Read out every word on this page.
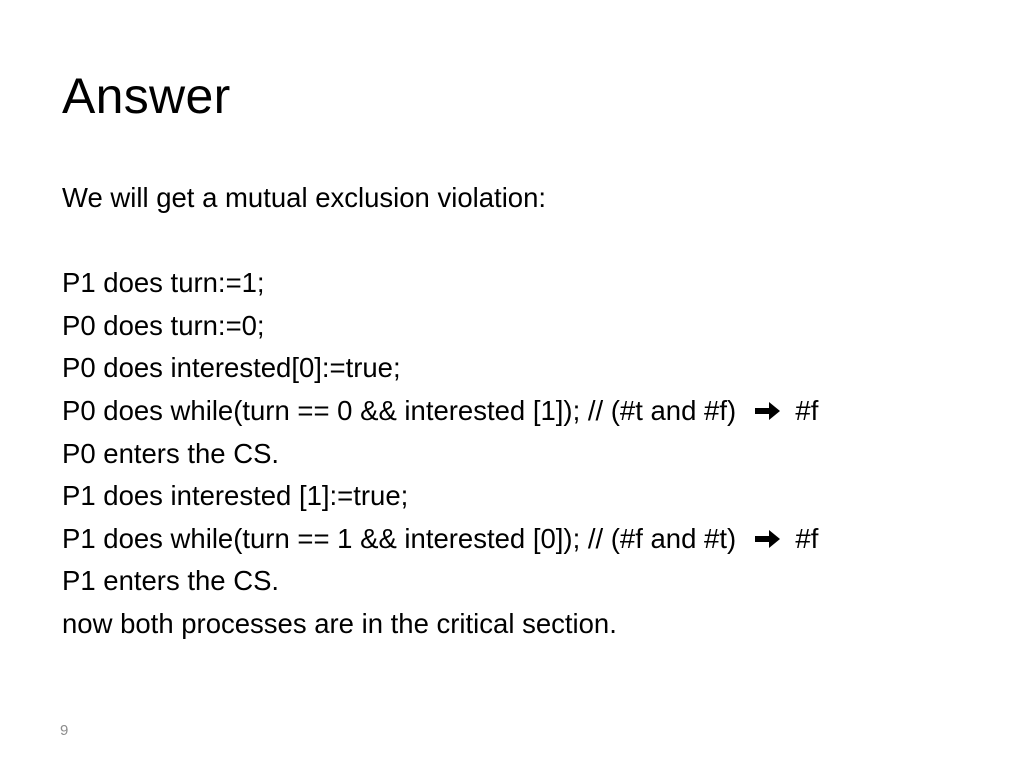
Answer
We will get a mutual exclusion violation:
P1 does turn:=1;
P0 does turn:=0;
P0 does interested[0]:=true;
P0 does while(turn == 0 && interested [1]); // (#t and #f) #f
P0 enters the CS.
P1 does interested [1]:=true;
P1 does while(turn == 1 && interested [0]); // (#f and #t) #f
P1 enters the CS.
now both processes are in the critical section.
9
